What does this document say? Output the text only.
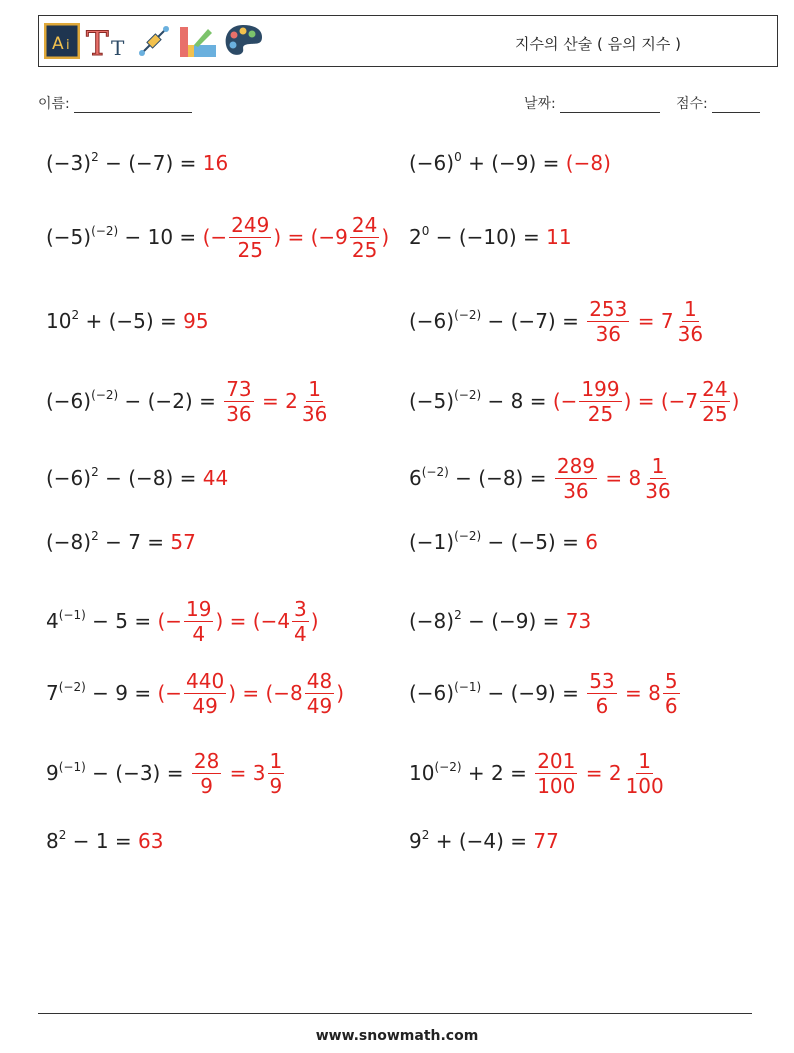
A i T T	지수의 산술 ( 음의 지수 )
이름:	날짜:	점수:
$(-3)^2 - (-7) = 16$
$(-5)^{(-2)} - 10$ = (− $\frac{249}{25}$ ) = ($-9 \frac{24}{25}$ )
$10^2 + (-5) = 95$
$(-6)^{(-2)} - (-2) = \frac{73}{36} = 2 \frac{1}{36}$
$(-6)^2 - (-8) = 44$
$(-8)^2 - 7 = 57$
$4^{(-1)} - 5$ = (− $\frac{19}{4}$ ) = ($-4 \frac{3}{4}$ )
$7^{(-2)} - 9$ = (− $\frac{440}{49}$ ) = ($-8 \frac{48}{49}$ )
$9^{(-1)} - (-3) = \frac{28}{9} = 3 \frac{1}{9}$
$8^2 - 1 = 63$
$(-6)^0 + (-9) = (-8)$
$2^0 - (-10) = 11$
$(-6)^{(-2)} - (-7) = \frac{253}{36} = 7 \frac{1}{36}$
$(-5)^{(-2)} - 8$ = (− $\frac{199}{25}$ ) = ($-7 \frac{24}{25}$ )
$6^{(-2)} - (-8) = \frac{289}{36} = 8 \frac{1}{36}$
$(-1)^{(-2)} - (-5) = 6$
$(-8)^2 - (-9) = 73$
$(-6)^{(-1)} - (-9) = \frac{53}{6} = 8 \frac{5}{6}$
$10^{(-2)} + 2 = \frac{201}{100} = 2 \frac{1}{100}$
$9^2 + (-4) = 77$
www.snowmath.com
